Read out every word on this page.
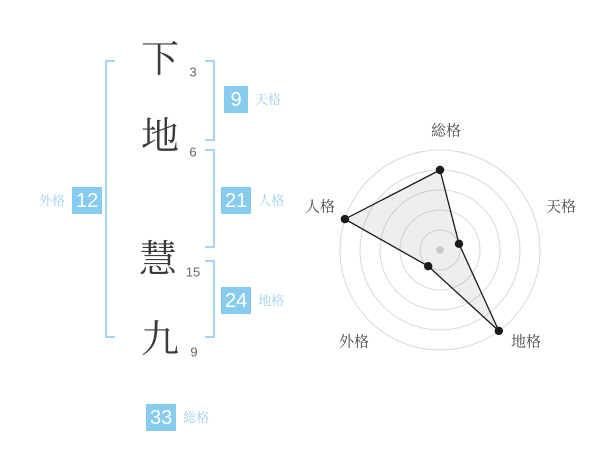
下 3
地 6
慧 15
九 9
9	天格
21 人格
24 地格
外格 12
33 総格
総格
天格
地格
外格
人格
